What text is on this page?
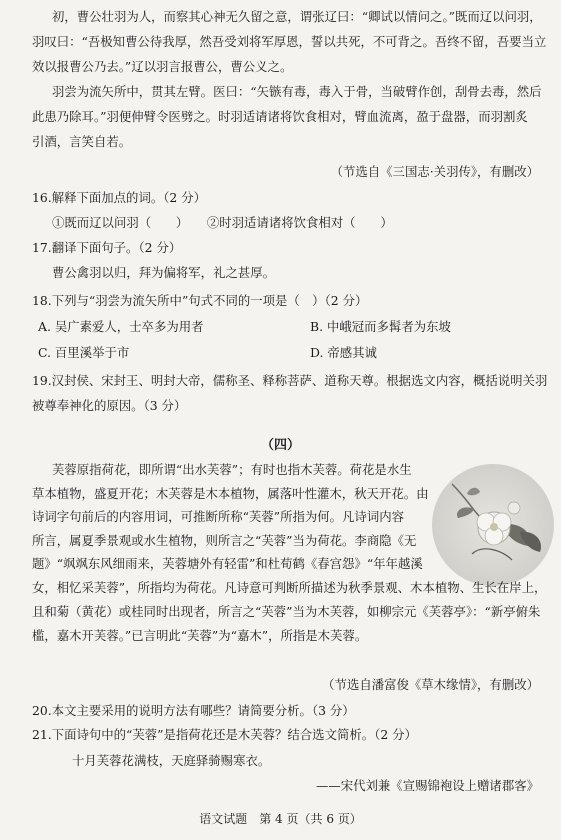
初，曹公壮羽为人，而察其心神无久留之意，谓张辽曰：“卿试以情问之。”既而辽以问羽，
羽叹曰：“吾极知曹公待我厚，然吾受刘将军厚恩，誓以共死，不可背之。吾终不留，吾要当立
效以报曹公乃去。”辽以羽言报曹公，曹公义之。
羽尝为流矢所中，贯其左臂。医曰：“矢镞有毒，毒入于骨，当破臂作创，刮骨去毒，然后
此患乃除耳。”羽便伸臂令医劈之。时羽适请诸将饮食相对，臂血流离，盈于盘器，而羽割炙
引酒，言笑自若。
（节选自《三国志·关羽传》，有删改）
16.解释下面加点的词。（2 分）
①既而辽以问羽（　　）　　②时羽适请诸将饮食相对（　　）
17.翻译下面句子。（2 分）
曹公禽羽以归，拜为偏将军，礼之甚厚。
18.下列与“羽尝为流矢所中”句式不同的一项是（　）（2 分）
A. 吴广素爱人，士卒多为用者	B. 中峨冠而多髯者为东坡
C. 百里溪举于市	D. 帝感其诚
19.汉封侯、宋封王、明封大帝，儒称圣、释称菩萨、道称天尊。根据选文内容，概括说明关羽
被尊奉神化的原因。（3 分）
（四）
芙蓉原指荷花，即所谓“出水芙蓉”；有时也指木芙蓉。荷花是水生
草本植物，盛夏开花；木芙蓉是木本植物，属落叶性灌木，秋天开花。由
诗词字句前后的内容用词，可推断所称“芙蓉”所指为何。凡诗词内容
所言，属夏季景观或水生植物，则所言之“芙蓉”当为荷花。李商隐《无
题》“飒飒东风细雨来，芙蓉塘外有轻雷”和杜荀鹤《春宫怨》“年年越溪
女，相忆采芙蓉”，所指均为荷花。凡诗意可判断所描述为秋季景观、木本植物、生长在岸上，
且和菊（黄花）或桂同时出现者，所言之“芙蓉”当为木芙蓉，如柳宗元《芙蓉亭》：“新亭俯朱
槛，嘉木开芙蓉。”已言明此“芙蓉”为“嘉木”，所指是木芙蓉。
（节选自潘富俊《草木缘情》，有删改）
20.本文主要采用的说明方法有哪些？请简要分析。（3 分）
21.下面诗句中的“芙蓉”是指荷花还是木芙蓉？结合选文简析。（2 分）
十月芙蓉花满枝，天庭驿骑赐寒衣。
——宋代刘兼《宣赐锦袍设上赠诸郡客》
语文试题　第 4 页（共 6 页）
